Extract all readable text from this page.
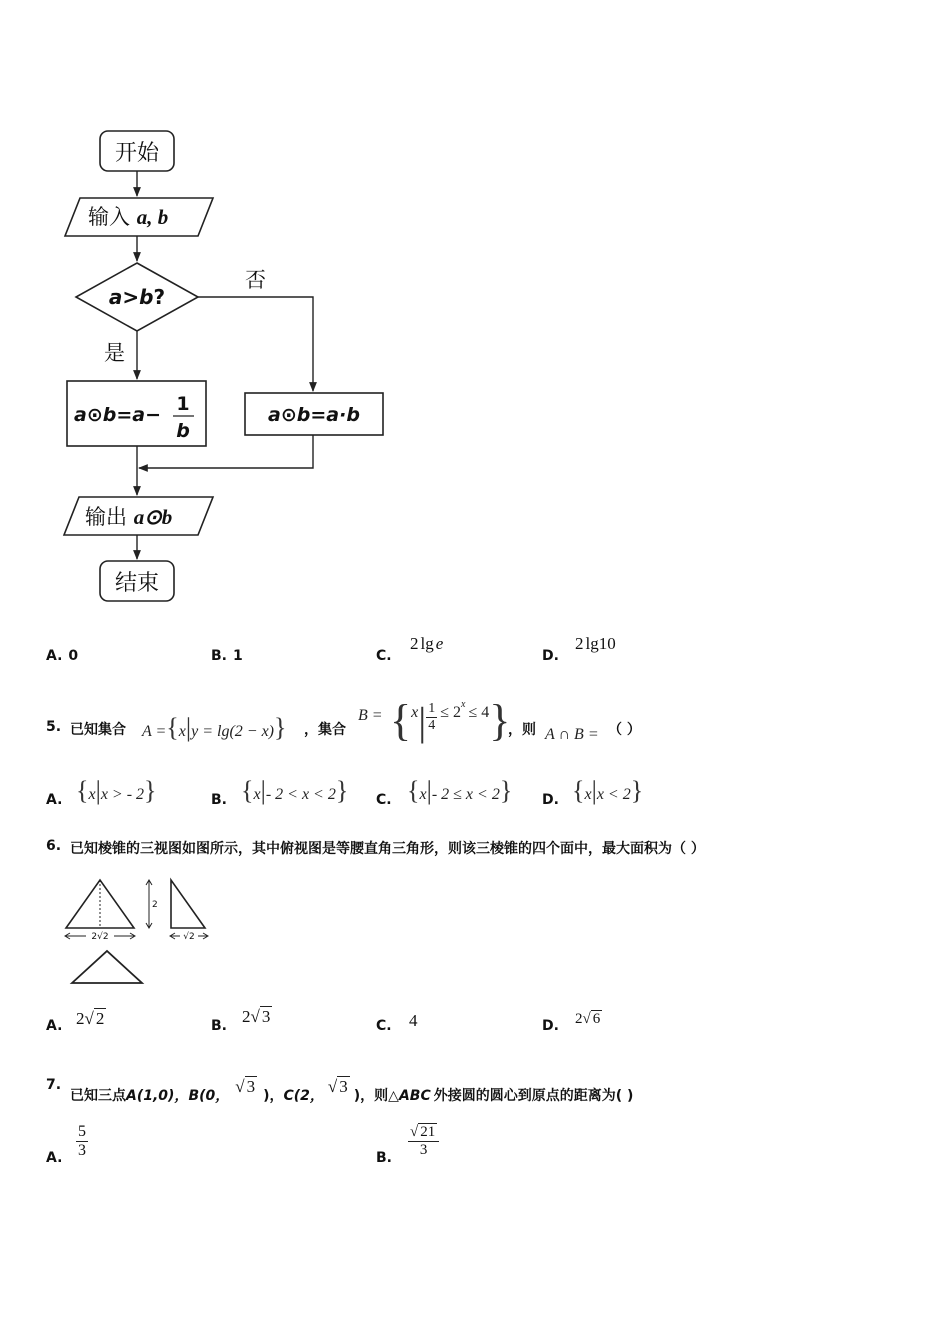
开始
输入 a, b
a>b?
否
是
a⊙b=a− 1
b
a⊙b=a·b
输出 a⊙b
结束
A. 0	B. 1	C.
2 lg e
D.
2 lg10
5. 已知集合 A ={x|y = lg(2 − x)} ，集合
$B = \{x| \frac{1}{4} \le 2^x \le 4\}$
，则 A ∩ B = （ ）
A. {x|x > - 2}	B. {x|- 2 < x < 2} C. {x|- 2 ≤ x < 2} D. {x|x < 2}
6. 已知棱锥的三视图如图所示，其中俯视图是等腰直角三角形，则该三棱锥的四个面中，最大面积为（ ）
2
2√2	√2
A. 2√ 2	B. 2√ 3	C. 4	D. 2√ 6
7.
已知三点A(1,0)，B(0， √ 3 )，C(2， √ 3 )，则△ABC 外接圆的圆心到原点的距离为( )
A. $\frac{5}{3}$	B. $\frac{√ 21}{3}$
